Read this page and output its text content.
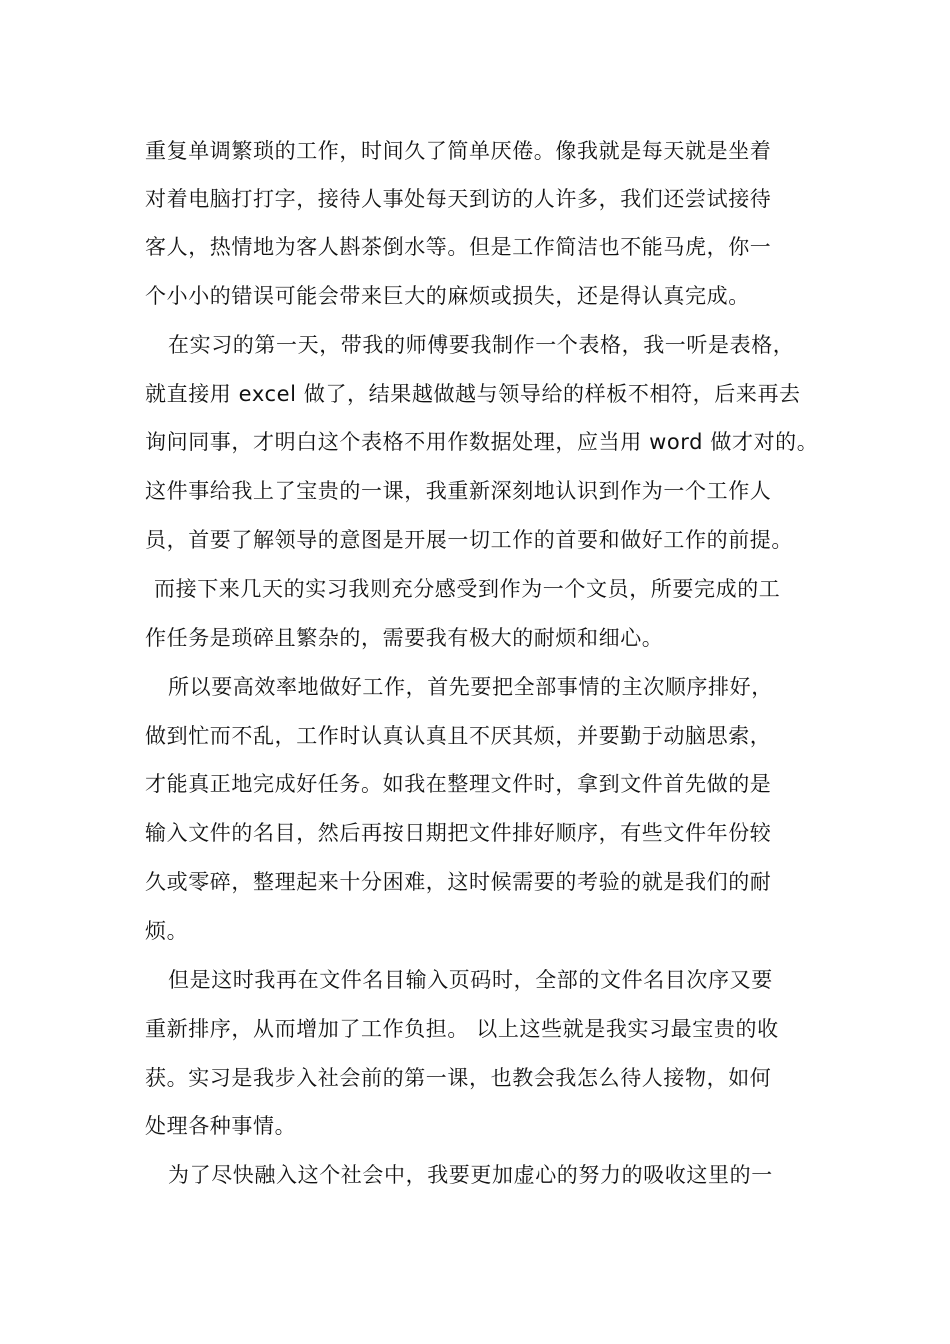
重复单调繁琐的工作，时间久了简单厌倦。像我就是每天就是坐着
对着电脑打打字，接待人事处每天到访的人许多，我们还尝试接待
客人，热情地为客人斟茶倒水等。但是工作简洁也不能马虎，你一
个小小的错误可能会带来巨大的麻烦或损失，还是得认真完成。
在实习的第一天，带我的师傅要我制作一个表格，我一听是表格，
就直接用 excel 做了，结果越做越与领导给的样板不相符，后来再去
询问同事，才明白这个表格不用作数据处理，应当用 word 做才对的。
这件事给我上了宝贵的一课，我重新深刻地认识到作为一个工作人
员，首要了解领导的意图是开展一切工作的首要和做好工作的前提。
而接下来几天的实习我则充分感受到作为一个文员，所要完成的工
作任务是琐碎且繁杂的，需要我有极大的耐烦和细心。
所以要高效率地做好工作，首先要把全部事情的主次顺序排好，
做到忙而不乱，工作时认真认真且不厌其烦，并要勤于动脑思索，
才能真正地完成好任务。如我在整理文件时，拿到文件首先做的是
输入文件的名目，然后再按日期把文件排好顺序，有些文件年份较
久或零碎，整理起来十分困难，这时候需要的考验的就是我们的耐
烦。
但是这时我再在文件名目输入页码时，全部的文件名目次序又要
重新排序，从而增加了工作负担。 以上这些就是我实习最宝贵的收
获。实习是我步入社会前的第一课，也教会我怎么待人接物，如何
处理各种事情。
为了尽快融入这个社会中，我要更加虚心的努力的吸收这里的一
